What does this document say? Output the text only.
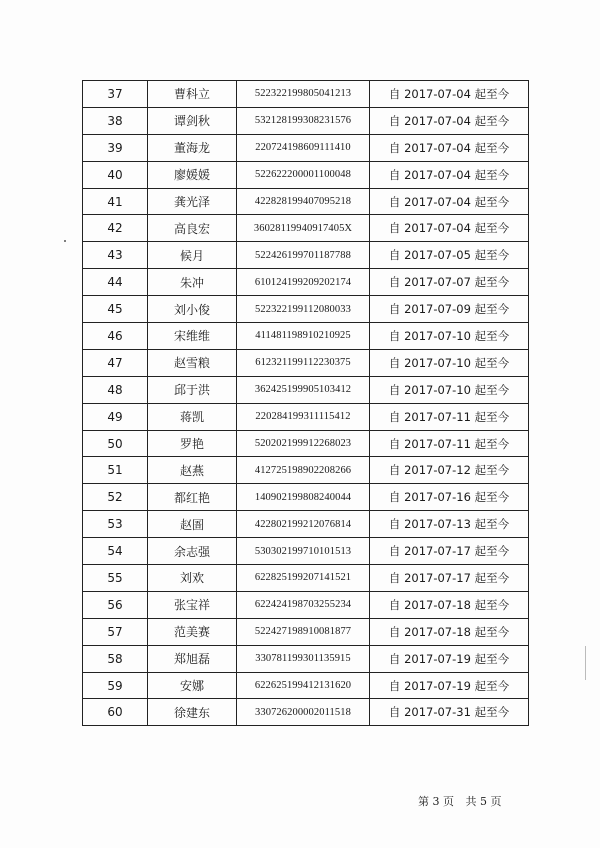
37	曹科立	522322199805041213	自 2017-07-04 起至今
38	谭剑秋	532128199308231576	自 2017-07-04 起至今
39	董海龙	220724198609111410	自 2017-07-04 起至今
40	廖媛媛	522622200001100048	自 2017-07-04 起至今
41	龚光泽	422828199407095218	自 2017-07-04 起至今
42	高良宏	36028119940917405X	自 2017-07-04 起至今
43	候月	522426199701187788	自 2017-07-05 起至今
44	朱冲	610124199209202174	自 2017-07-07 起至今
45	刘小俊	522322199112080033	自 2017-07-09 起至今
46	宋维维	411481198910210925	自 2017-07-10 起至今
47	赵雪粮	612321199112230375	自 2017-07-10 起至今
48	邱于洪	362425199905103412	自 2017-07-10 起至今
49	蒋凯	220284199311115412	自 2017-07-11 起至今
50	罗艳	520202199912268023	自 2017-07-11 起至今
51	赵燕	412725198902208266	自 2017-07-12 起至今
52	都红艳	140902199808240044	自 2017-07-16 起至今
53	赵圄	422802199212076814	自 2017-07-13 起至今
54	余志强	530302199710101513	自 2017-07-17 起至今
55	刘欢	622825199207141521	自 2017-07-17 起至今
56	张宝祥	622424198703255234	自 2017-07-18 起至今
57	范美赛	522427198910081877	自 2017-07-18 起至今
58	郑旭磊	330781199301135915	自 2017-07-19 起至今
59	安娜	622625199412131620	自 2017-07-19 起至今
60	徐建东	330726200002011518	自 2017-07-31 起至今
第 3 页 共 5 页
